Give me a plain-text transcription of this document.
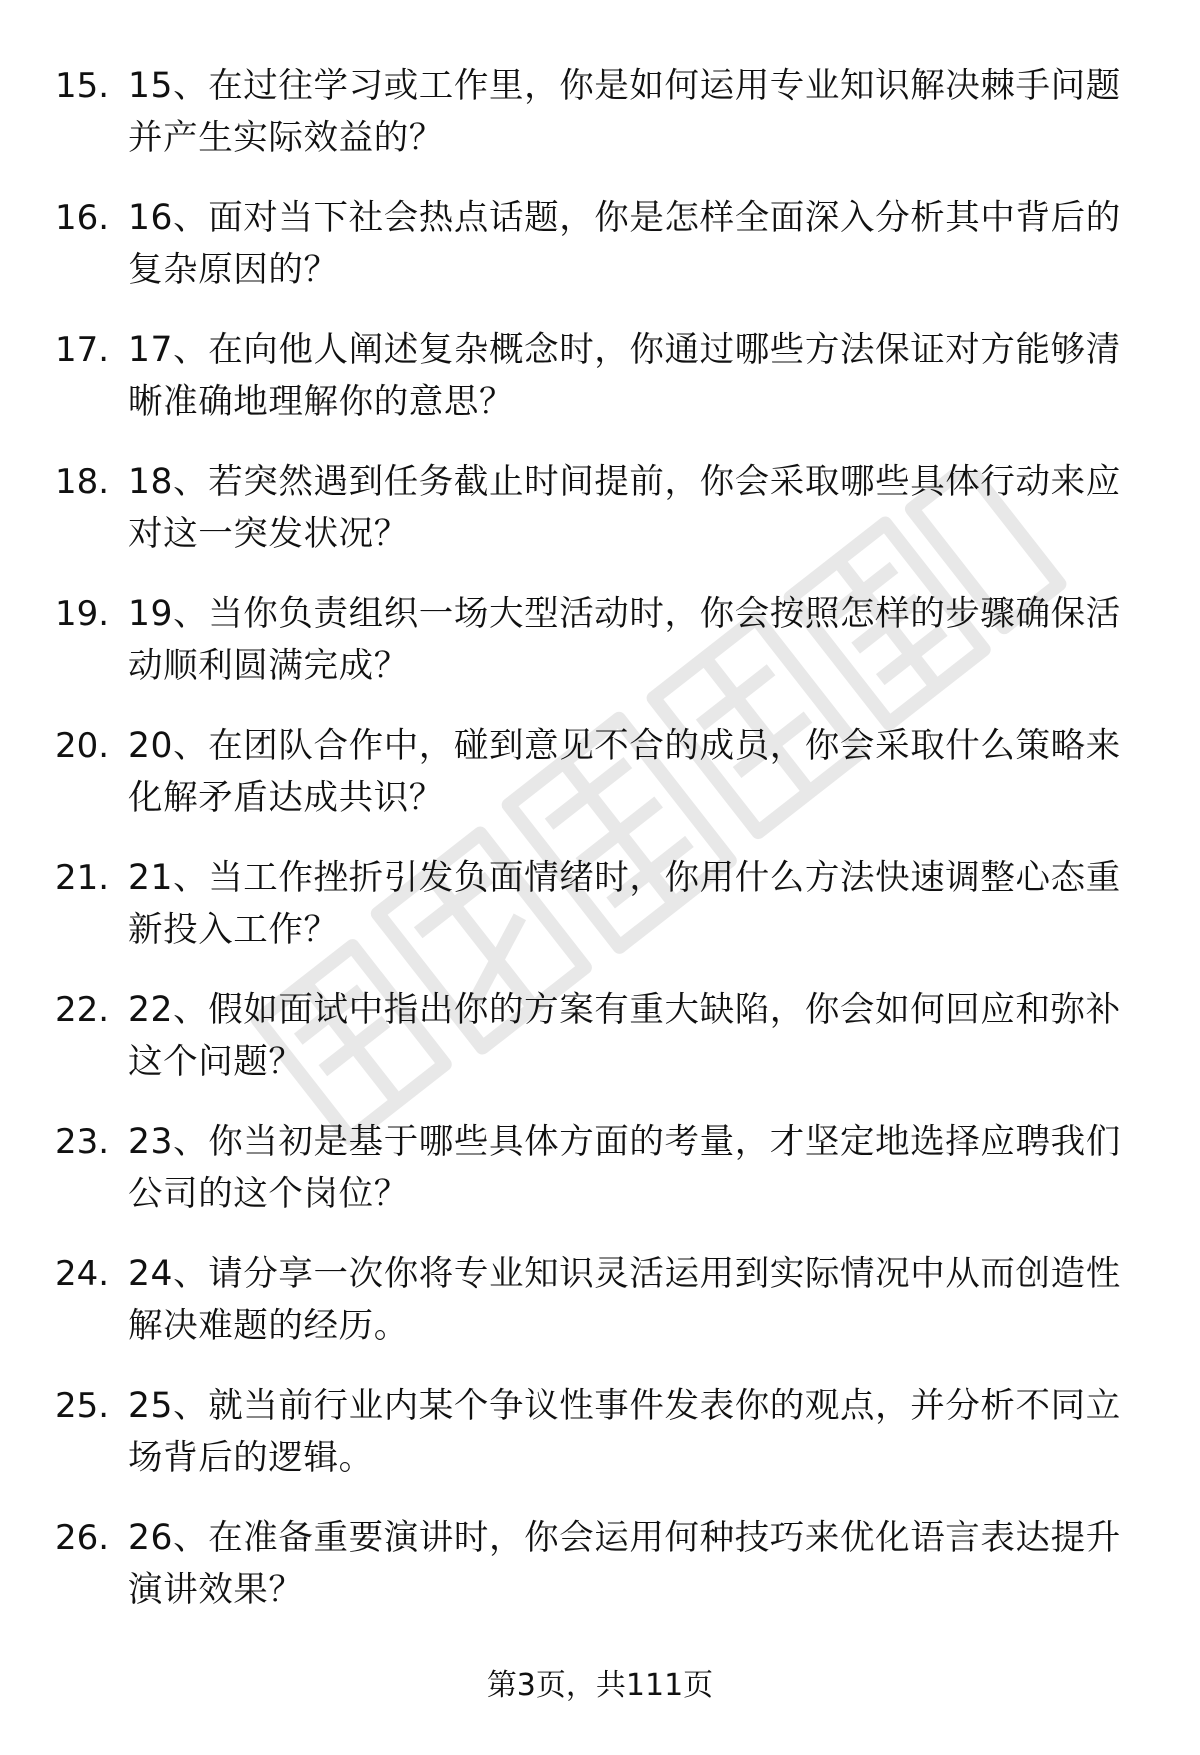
15. 15、在过往学习或工作里，你是如何运用专业知识解决棘手问题并产生实际效益的？
16. 16、面对当下社会热点话题，你是怎样全面深入分析其中背后的复杂原因的？
17. 17、在向他人阐述复杂概念时，你通过哪些方法保证对方能够清晰准确地理解你的意思？
18. 18、若突然遇到任务截止时间提前，你会采取哪些具体行动来应对这一突发状况？
19. 19、当你负责组织一场大型活动时，你会按照怎样的步骤确保活动顺利圆满完成？
20. 20、在团队合作中，碰到意见不合的成员，你会采取什么策略来化解矛盾达成共识？
21. 21、当工作挫折引发负面情绪时，你用什么方法快速调整心态重新投入工作？
22. 22、假如面试中指出你的方案有重大缺陷，你会如何回应和弥补这个问题？
23. 23、你当初是基于哪些具体方面的考量，才坚定地选择应聘我们公司的这个岗位？
24. 24、请分享一次你将专业知识灵活运用到实际情况中从而创造性解决难题的经历。
25. 25、就当前行业内某个争议性事件发表你的观点，并分析不同立场背后的逻辑。
26. 26、在准备重要演讲时，你会运用何种技巧来优化语言表达提升演讲效果？
第3页，共111页
